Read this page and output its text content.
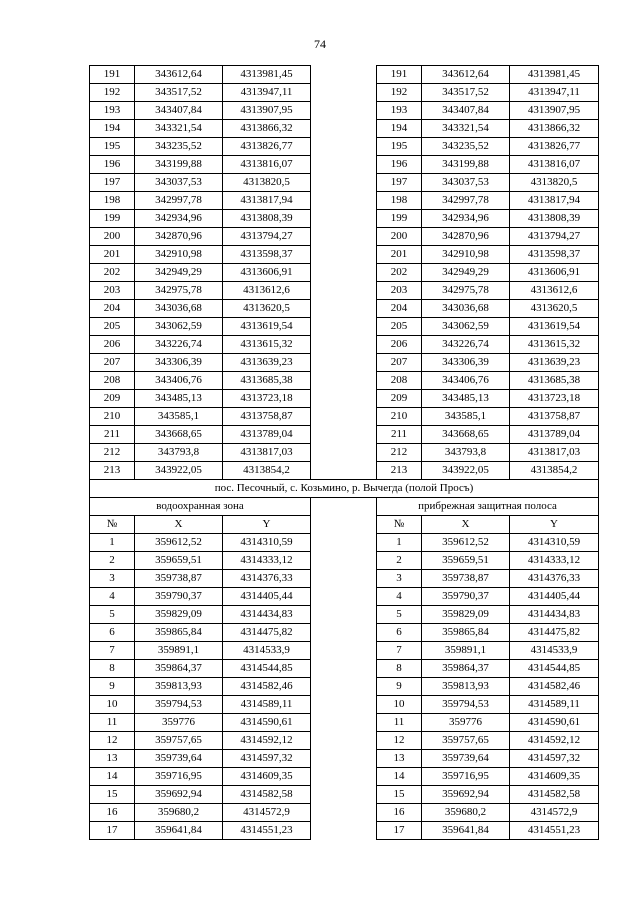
74
191	343612,64	4313981,45		191	343612,64	4313981,45
192	343517,52	4313947,11		192	343517,52	4313947,11
193	343407,84	4313907,95		193	343407,84	4313907,95
194	343321,54	4313866,32		194	343321,54	4313866,32
195	343235,52	4313826,77		195	343235,52	4313826,77
196	343199,88	4313816,07		196	343199,88	4313816,07
197	343037,53	4313820,5		197	343037,53	4313820,5
198	342997,78	4313817,94		198	342997,78	4313817,94
199	342934,96	4313808,39		199	342934,96	4313808,39
200	342870,96	4313794,27		200	342870,96	4313794,27
201	342910,98	4313598,37		201	342910,98	4313598,37
202	342949,29	4313606,91		202	342949,29	4313606,91
203	342975,78	4313612,6		203	342975,78	4313612,6
204	343036,68	4313620,5		204	343036,68	4313620,5
205	343062,59	4313619,54		205	343062,59	4313619,54
206	343226,74	4313615,32		206	343226,74	4313615,32
207	343306,39	4313639,23		207	343306,39	4313639,23
208	343406,76	4313685,38		208	343406,76	4313685,38
209	343485,13	4313723,18		209	343485,13	4313723,18
210	343585,1	4313758,87		210	343585,1	4313758,87
211	343668,65	4313789,04		211	343668,65	4313789,04
212	343793,8	4313817,03		212	343793,8	4313817,03
213	343922,05	4313854,2		213	343922,05	4313854,2
пос. Песочный, с. Козьмино, р. Вычегда (полой Просъ)						
водоохранная зона				прибрежная защитная полоса		
№	X	Y		№	X	Y
1	359612,52	4314310,59		1	359612,52	4314310,59
2	359659,51	4314333,12		2	359659,51	4314333,12
3	359738,87	4314376,33		3	359738,87	4314376,33
4	359790,37	4314405,44		4	359790,37	4314405,44
5	359829,09	4314434,83		5	359829,09	4314434,83
6	359865,84	4314475,82		6	359865,84	4314475,82
7	359891,1	4314533,9		7	359891,1	4314533,9
8	359864,37	4314544,85		8	359864,37	4314544,85
9	359813,93	4314582,46		9	359813,93	4314582,46
10	359794,53	4314589,11		10	359794,53	4314589,11
11	359776	4314590,61		11	359776	4314590,61
12	359757,65	4314592,12		12	359757,65	4314592,12
13	359739,64	4314597,32		13	359739,64	4314597,32
14	359716,95	4314609,35		14	359716,95	4314609,35
15	359692,94	4314582,58		15	359692,94	4314582,58
16	359680,2	4314572,9		16	359680,2	4314572,9
17	359641,84	4314551,23		17	359641,84	4314551,23
